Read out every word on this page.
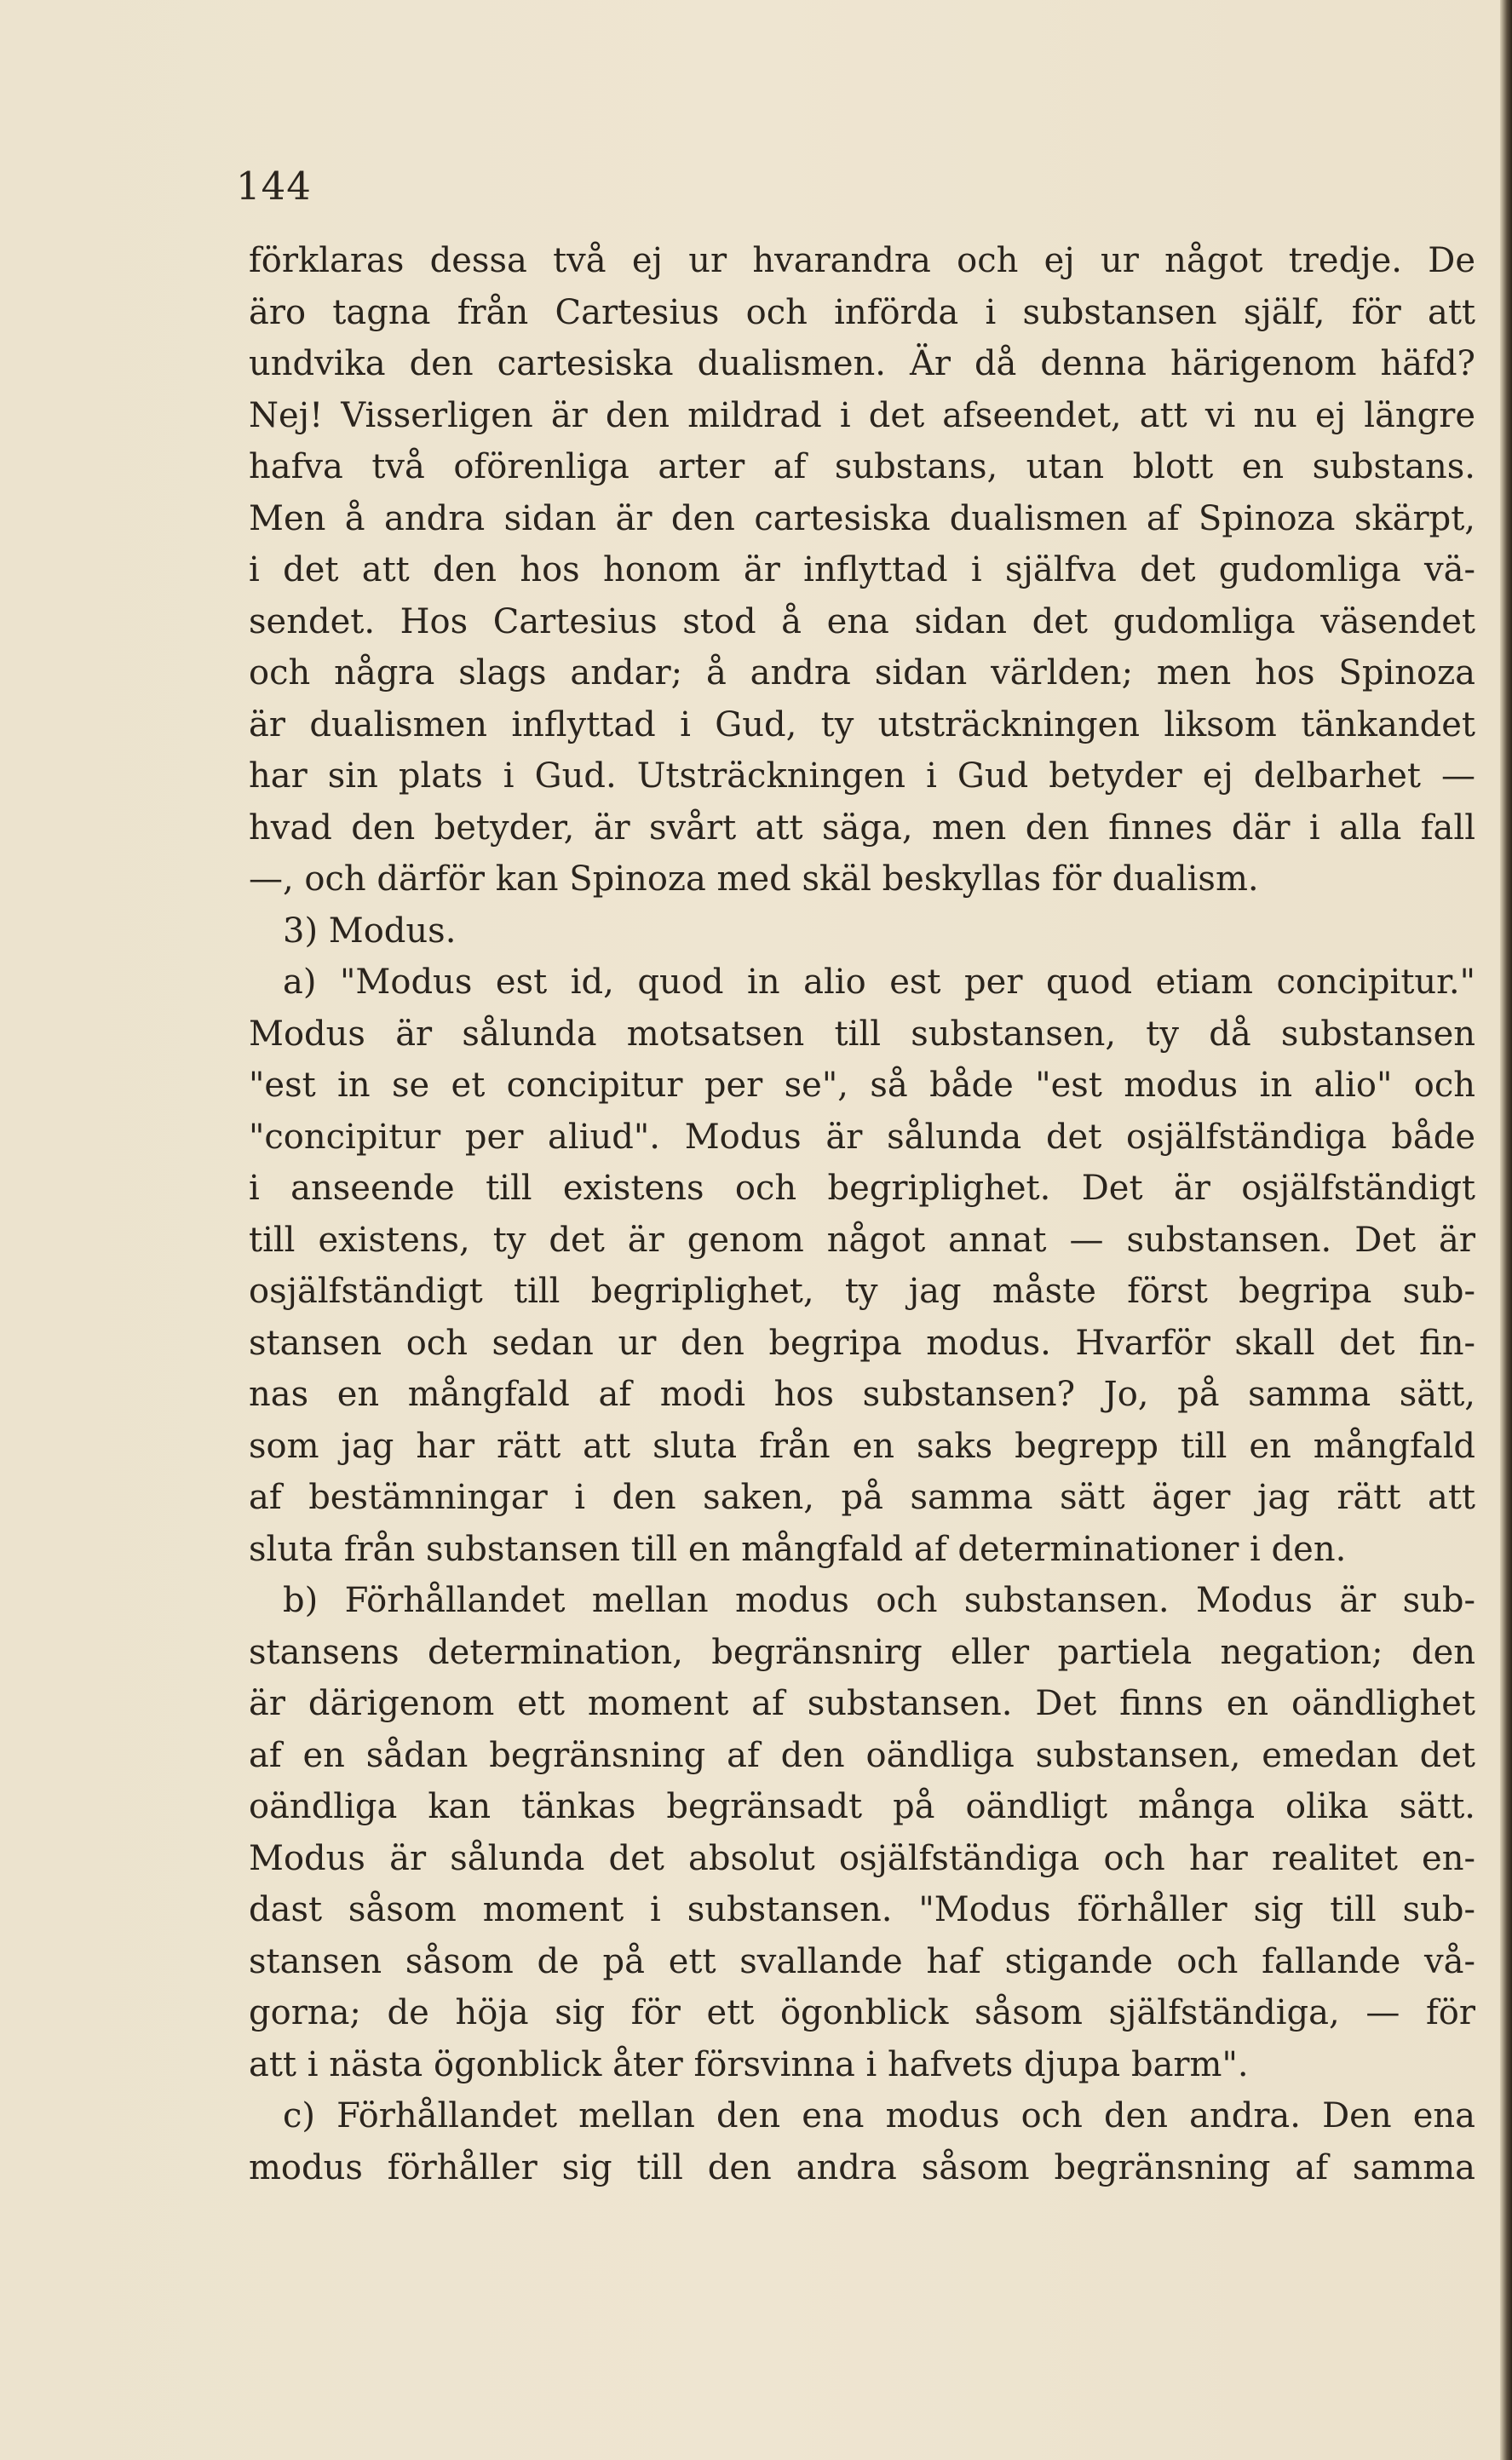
144
förklaras dessa två ej ur hvarandra och ej ur något tredje. De
äro tagna från Cartesius och införda i substansen själf, för att
undvika den cartesiska dualismen. Är då denna härigenom häfd?
Nej! Visserligen är den mildrad i det afseendet, att vi nu ej längre
hafva två oförenliga arter af substans, utan blott en substans.
Men å andra sidan är den cartesiska dualismen af Spinoza skärpt,
i det att den hos honom är inflyttad i själfva det gudomliga vä-
sendet. Hos Cartesius stod å ena sidan det gudomliga väsendet
och några slags andar; å andra sidan världen; men hos Spinoza
är dualismen inflyttad i Gud, ty utsträckningen liksom tänkandet
har sin plats i Gud. Utsträckningen i Gud betyder ej delbarhet —
hvad den betyder, är svårt att säga, men den finnes där i alla fall
—, och därför kan Spinoza med skäl beskyllas för dualism.
3) Modus.
a) "Modus est id, quod in alio est per quod etiam concipitur."
Modus är sålunda motsatsen till substansen, ty då substansen
"est in se et concipitur per se", så både "est modus in alio" och
"concipitur per aliud". Modus är sålunda det osjälfständiga både
i anseende till existens och begriplighet. Det är osjälfständigt
till existens, ty det är genom något annat — substansen. Det är
osjälfständigt till begriplighet, ty jag måste först begripa sub-
stansen och sedan ur den begripa modus. Hvarför skall det fin-
nas en mångfald af modi hos substansen? Jo, på samma sätt,
som jag har rätt att sluta från en saks begrepp till en mångfald
af bestämningar i den saken, på samma sätt äger jag rätt att
sluta från substansen till en mångfald af determinationer i den.
b) Förhållandet mellan modus och substansen. Modus är sub-
stansens determination, begränsnirg eller partiela negation; den
är därigenom ett moment af substansen. Det finns en oändlighet
af en sådan begränsning af den oändliga substansen, emedan det
oändliga kan tänkas begränsadt på oändligt många olika sätt.
Modus är sålunda det absolut osjälfständiga och har realitet en-
dast såsom moment i substansen. "Modus förhåller sig till sub-
stansen såsom de på ett svallande haf stigande och fallande vå-
gorna; de höja sig för ett ögonblick såsom själfständiga, — för
att i nästa ögonblick åter försvinna i hafvets djupa barm".
c) Förhållandet mellan den ena modus och den andra. Den ena
modus förhåller sig till den andra såsom begränsning af samma
